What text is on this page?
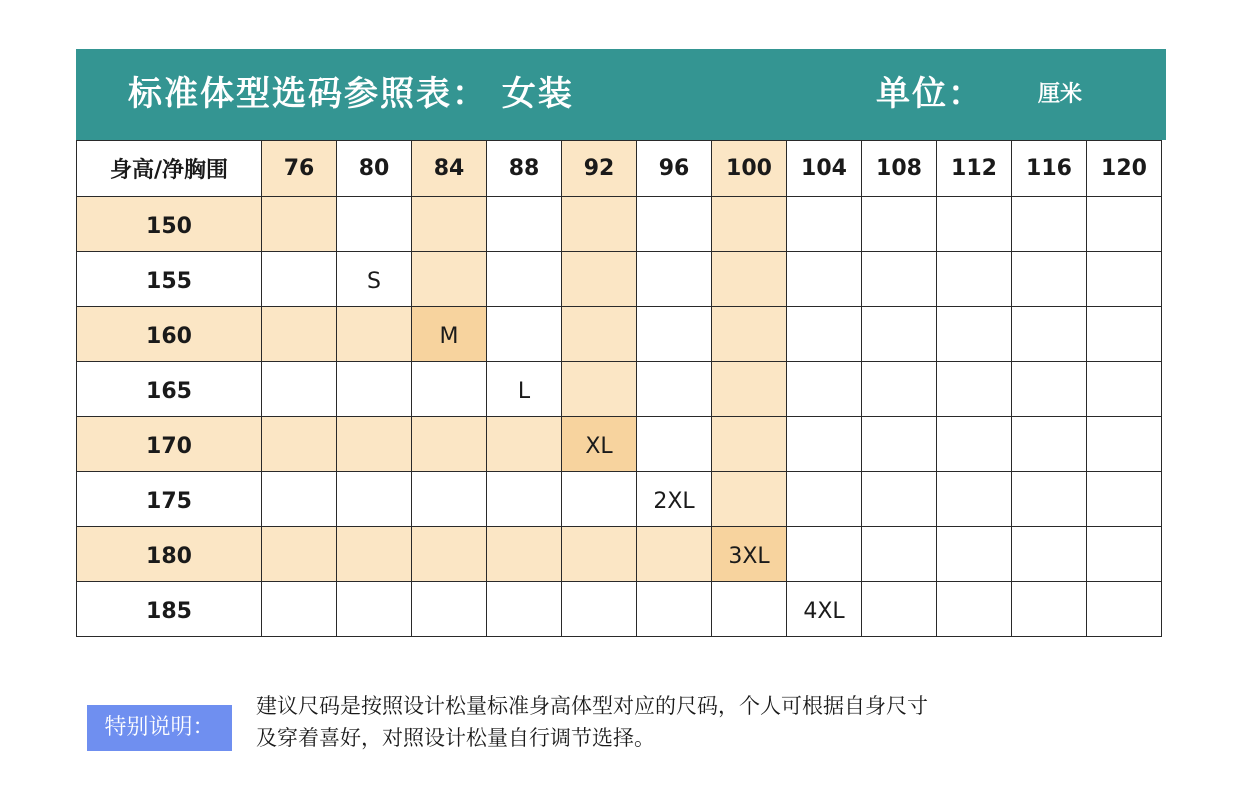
标准体型选码参照表： 女装	单位： 厘米
身高/净胸围	76	80	84	88	92	96	100	104	108	112	116	120
150												
155		S										
160			M									
165				L								
170					XL							
175						2XL						
180							3XL					
185								4XL				
特别说明：
建议尺码是按照设计松量标准身高体型对应的尺码，个人可根据自身尺寸
及穿着喜好，对照设计松量自行调节选择。
